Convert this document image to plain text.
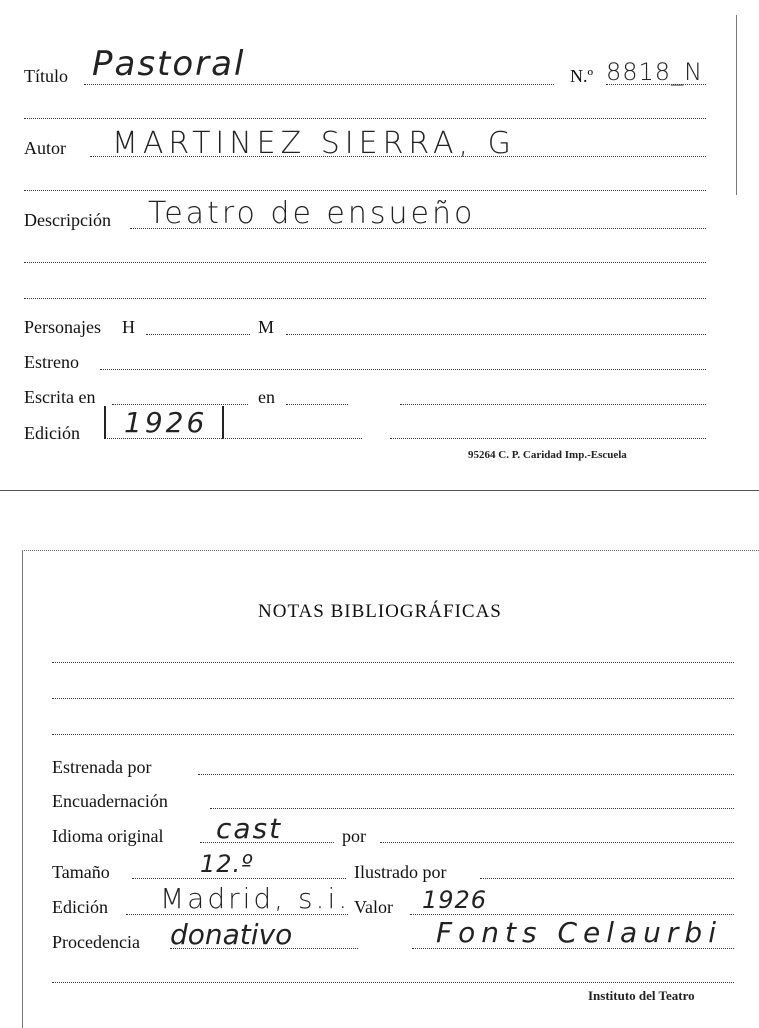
Título Pastoral	N.º 8818_N
Autor MARTINEZ SIERRA, G
Descripción Teatro de ensueño
Personajes H	M
Estreno
Escrita en	en
Edición 1926
95264 C. P. Caridad Imp.-Escuela
NOTAS BIBLIOGRÁFICAS
Estrenada por
Encuadernación
Idioma original cast	por
Tamaño	12.º	Ilustrado por
Edición Madrid, s.i. Valor 1926
Procedencia donativo	Fonts Celaurbi
Instituto del Teatro
